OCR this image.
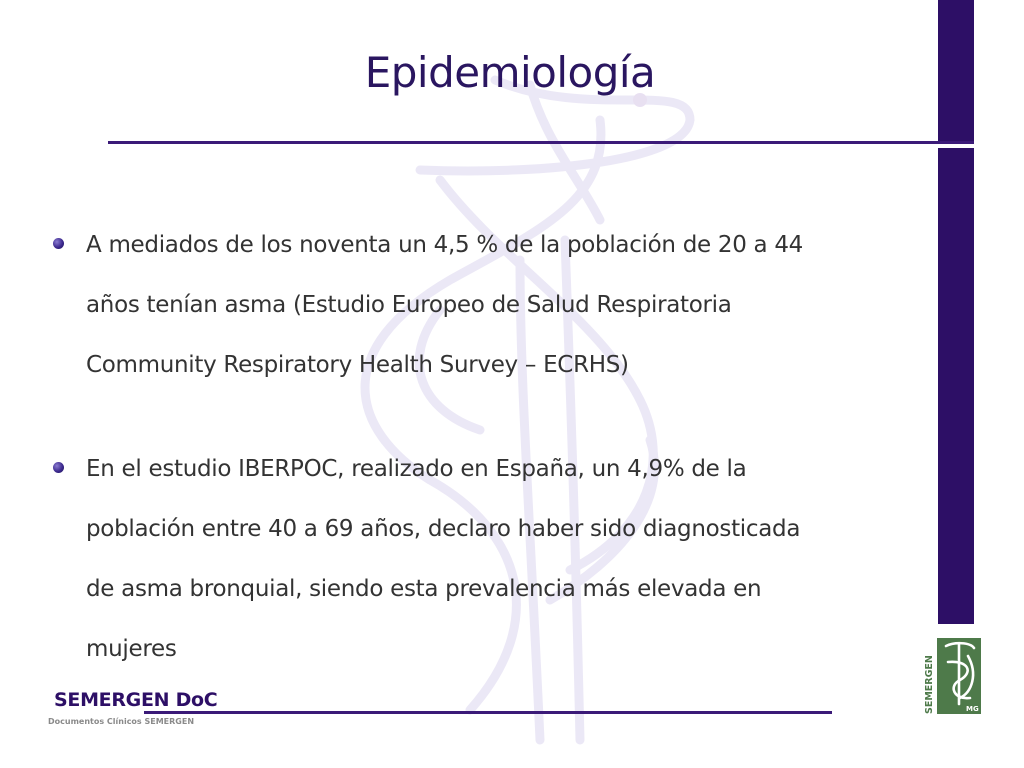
Epidemiología
A mediados de los noventa un 4,5 % de la población de 20 a 44
años tenían asma (Estudio Europeo de Salud Respiratoria
Community Respiratory Health Survey – ECRHS)
En el estudio IBERPOC, realizado en España, un 4,9% de la
población entre 40 a 69 años, declaro haber sido diagnosticada
de asma bronquial, siendo esta prevalencia más elevada en
mujeres
SEMERGEN DoC
Documentos Clínicos SEMERGEN
SEMERGEN	MG
